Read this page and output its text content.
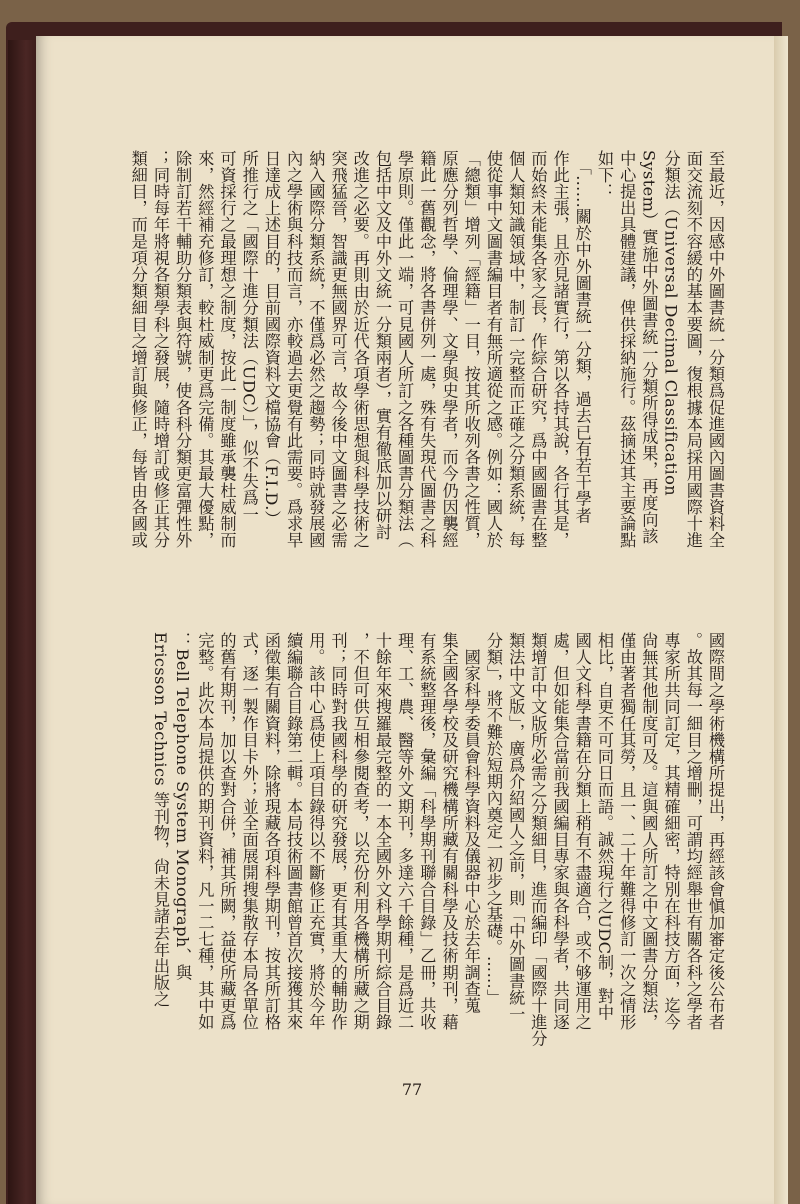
至最近，因感中外圖書統一分類爲促進國內圖書資料全
面交流刻不容緩的基本要圖，復根據本局採用國際十進
分類法（Universal Decimal Classification
System）實施中外圖書統一分類所得成果，再度向該
中心提出具體建議，俾供採納施行。茲摘述其主要論點
如下：
　「……關於中外圖書統一分類，過去已有若干學者
作此主張，且亦見諸實行，第以各持其說，各行其是，
而始終未能集各家之長，作綜合研究，爲中國圖書在整
個人類知識領域中，制訂一完整而正確之分類系統，每
使從事中文圖書編目者有無所適從之感。例如：國人於
「總類」增列「經籍」一目，按其所收列各書之性質，
原應分列哲學、倫理學、文學與史學者，而今仍因襲經
籍此一舊觀念，將各書併列一處，殊有失現代圖書之科
學原則。僅此一端，可見國人所訂之各種圖書分類法（
包括中文及中外文統一分類兩者），實有徹底加以研討
改進之必要。再則由於近代各項學術思想與科學技術之
突飛猛晉，智識更無國界可言，故今後中文圖書之必需
納入國際分類系統，不僅爲必然之趨勢；同時就發展國
內之學術與科技而言，亦較過去更覺有此需要。爲求早
日達成上述目的，目前國際資料文檔協會（F.I.D.）
所推行之「國際十進分類法（UDC）」，似不失爲一
可資採行之最理想之制度，按此一制度雖承襲杜威制而
來，然經補充修訂，較杜威制更爲完備。其最大優點，
除制訂若干輔助分類表與符號，使各科分類更富彈性外
；同時每年將視各類學科之發展，隨時增訂或修正其分
類細目，而是項分類細目之增訂與修正，每皆由各國或
國際間之學術機構所提出，再經該會愼加審定後公布者
。故其每一細目之增刪，可謂均經舉世有關各科之學者
專家所共同訂定，其精確細密，特別在科技方面，迄今
尙無其他制度可及。這與國人所訂之中文圖書分類法，
僅由著者獨任其勞，且一、二十年難得修訂一次之情形
相比，自更不可同日而語。誠然現行之UDC制，對中
國人文科學書籍在分類上稍有不盡適合，或不够運用之
處，但如能集合當前我國編目專家與各科學者，共同逐
類增訂中文版所必需之分類細目，進而編印「國際十進分
類法中文版」，廣爲介紹國人之前，則「中外圖書統一
分類」，將不難於短期內奠定一初步之基礎。……」
　國家科學委員會科學資料及儀器中心於去年調查蒐
集全國各學校及研究機構所藏有關科學及技術期刊，藉
有系統整理後，彙編「科學期刊聯合目錄」乙冊，共收
理、工、農、醫等外文期刊，多達六千餘種，是爲近二
十餘年來搜羅最完整的一本全國外文科學期刊綜合目錄
，不但可供互相參閱查考，以充份利用各機構所藏之期
刊；同時對我國科學的研究發展，更有其重大的輔助作
用。該中心爲使上項目錄得以不斷修正充實，將於今年
續編聯合目錄第二輯。本局技術圖書館曾首次接獲其來
函徵集有關資料，除將現藏各項科學期刊，按其所訂格
式，逐一製作目卡外；並全面展開搜集散存本局各單位
的舊有期刊，加以查對合併，補其所闕，益使所藏更爲
完整。此次本局提供的期刊資料，凡一二七種，其中如
：Bell Telephone System Monograph、與
Ericsson Technics 等刊物，尙未見諸去年出版之
77
